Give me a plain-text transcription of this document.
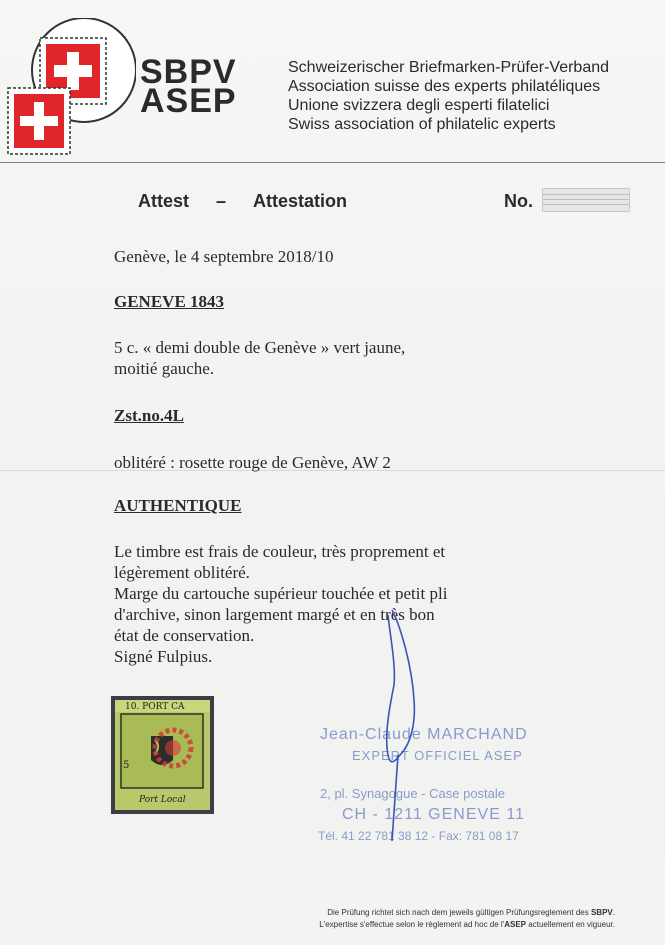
SBPV
ASEP
Schweizerischer Briefmarken-Prüfer-Verband
Association suisse des experts philatéliques
Unione svizzera degli esperti filatelici
Swiss association of philatelic experts
Attest – Attestation	No.
Genève, le 4 septembre 2018/10
GENEVE 1843
5 c. « demi double de Genève » vert jaune,
moitié gauche.
Zst.no.4L
oblitéré : rosette rouge de Genève, AW 2
AUTHENTIQUE
Le timbre est frais de couleur, très proprement et
légèrement oblitéré.
Marge du cartouche supérieur touchée et petit pli
d'archive, sinon largement margé et en très bon
état de conservation.
Signé Fulpius.
10. PORT CA
5
Port Local
Jean-Claude MARCHAND
EXPERT OFFICIEL ASEP
2, pl. Synagogue - Case postale
CH - 1211 GENEVE 11
Tél. 41 22 781 38 12 - Fax: 781 08 17
Die Prüfung richtet sich nach dem jeweils gültigen Prüfungsreglement des SBPV.
L'expertise s'effectue selon le règlement ad hoc de l'ASEP actuellement en vigueur.
